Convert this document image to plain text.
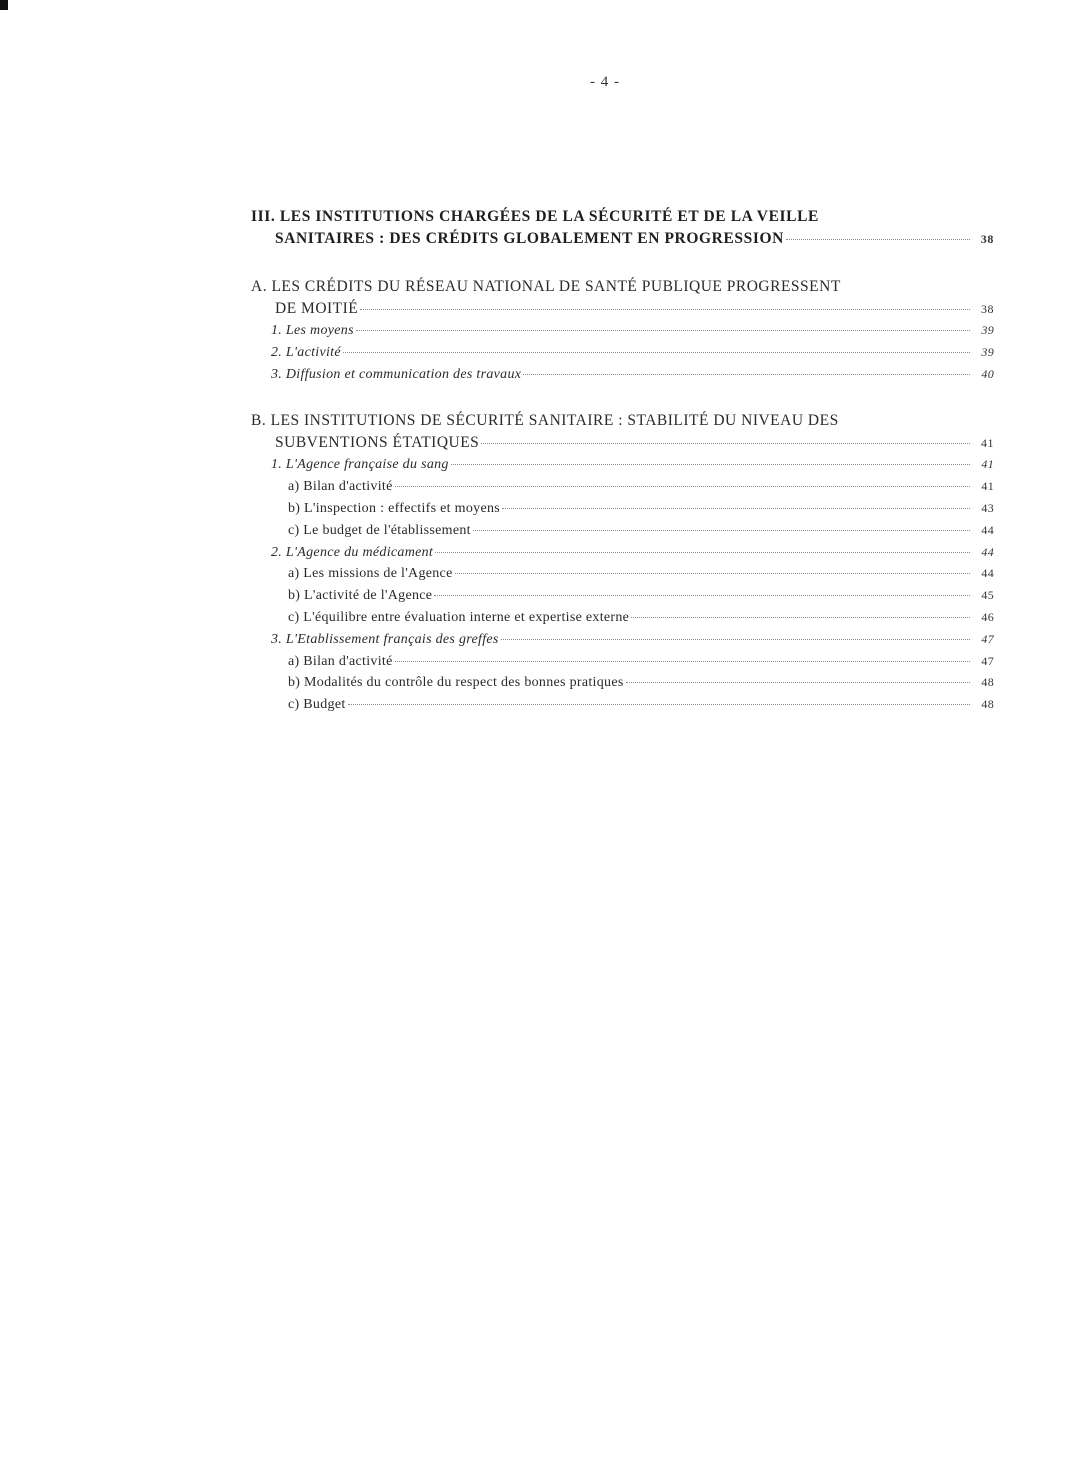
- 4 -
III. LES INSTITUTIONS CHARGÉES DE LA SÉCURITÉ ET DE LA VEILLE
SANITAIRES : DES CRÉDITS GLOBALEMENT EN PROGRESSION	38
A. LES CRÉDITS DU RÉSEAU NATIONAL DE SANTÉ PUBLIQUE PROGRESSENT
DE MOITIÉ	38
1. Les moyens	39
2. L'activité	39
3. Diffusion et communication des travaux	40
B. LES INSTITUTIONS DE SÉCURITÉ SANITAIRE : STABILITÉ DU NIVEAU DES
SUBVENTIONS ÉTATIQUES	41
1. L'Agence française du sang	41
a) Bilan d'activité	41
b) L'inspection : effectifs et moyens	43
c) Le budget de l'établissement	44
2. L'Agence du médicament	44
a) Les missions de l'Agence	44
b) L'activité de l'Agence	45
c) L'équilibre entre évaluation interne et expertise externe	46
3. L'Etablissement français des greffes	47
a) Bilan d'activité	47
b) Modalités du contrôle du respect des bonnes pratiques	48
c) Budget	48
